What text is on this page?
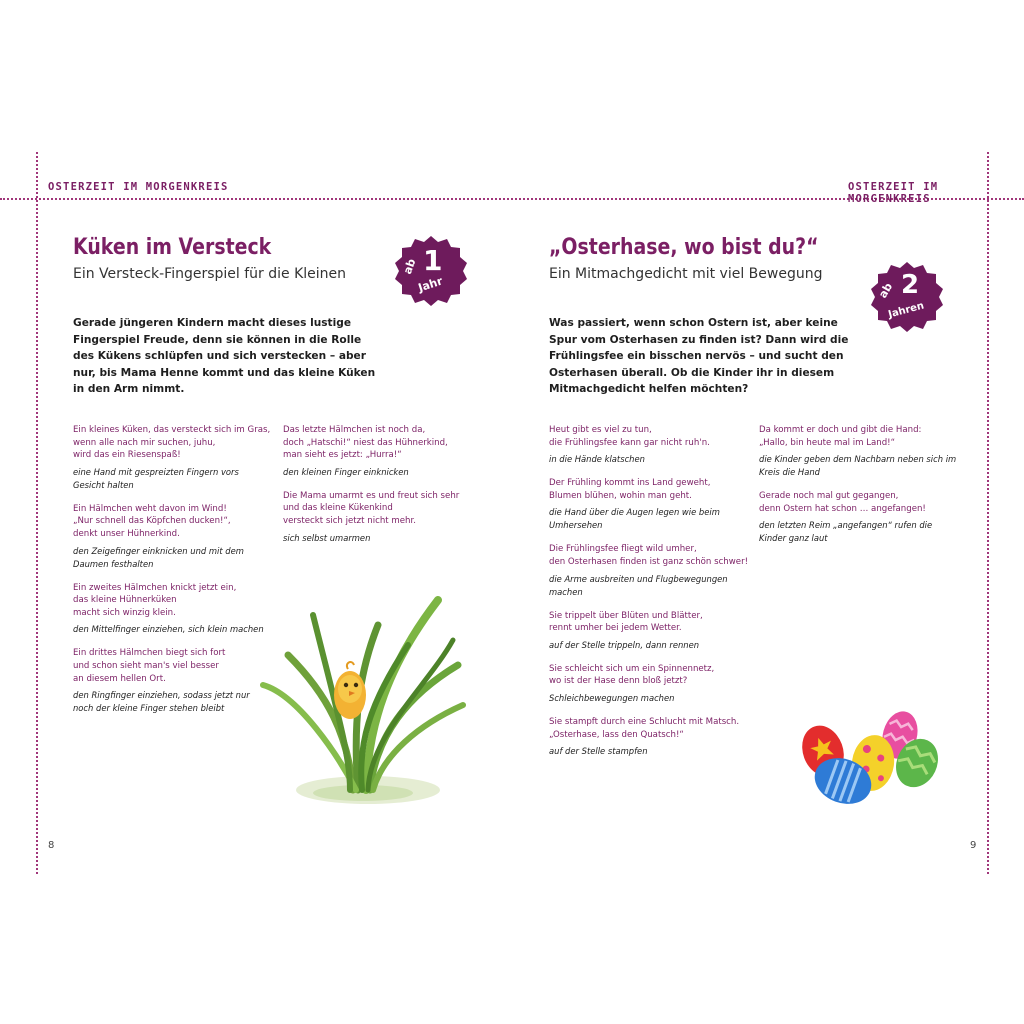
OSTERZEIT IM MORGENKREIS
Küken im Versteck
Ein Versteck-Fingerspiel für die Kleinen	ab 1
Jahr
Gerade jüngeren Kindern macht dieses lustige Fingerspiel Freude, denn sie können in die Rolle des Kükens schlüpfen und sich verstecken – aber nur, bis Mama Henne kommt und das kleine Küken in den Arm nimmt.
Ein kleines Küken, das versteckt sich im Gras,
wenn alle nach mir suchen, juhu,
wird das ein Riesenspaß!
eine Hand mit gespreizten Fingern vors Gesicht halten
Ein Hälmchen weht davon im Wind!
„Nur schnell das Köpfchen ducken!“,
denkt unser Hühnerkind.
den Zeigefinger einknicken und mit dem Daumen festhalten
Ein zweites Hälmchen knickt jetzt ein,
das kleine Hühnerküken
macht sich winzig klein.
den Mittelfinger einziehen, sich klein machen
Ein drittes Hälmchen biegt sich fort
und schon sieht man's viel besser
an diesem hellen Ort.
den Ringfinger einziehen, sodass jetzt nur noch der kleine Finger stehen bleibt
Das letzte Hälmchen ist noch da,
doch „Hatschi!“ niest das Hühnerkind,
man sieht es jetzt: „Hurra!“
den kleinen Finger einknicken
Die Mama umarmt es und freut sich sehr
und das kleine Kükenkind
versteckt sich jetzt nicht mehr.
sich selbst umarmen
8
OSTERZEIT IM MORGENKREIS
„Osterhase, wo bist du?“
Ein Mitmachgedicht mit viel Bewegung
ab 2
Jahren
Was passiert, wenn schon Ostern ist, aber keine Spur vom Osterhasen zu finden ist? Dann wird die Frühlingsfee ein bisschen nervös – und sucht den Osterhasen überall. Ob die Kinder ihr in diesem Mitmachgedicht helfen möchten?
Heut gibt es viel zu tun,
die Frühlingsfee kann gar nicht ruh'n.
in die Hände klatschen
Der Frühling kommt ins Land geweht,
Blumen blühen, wohin man geht.
die Hand über die Augen legen wie beim Umhersehen
Die Frühlingsfee fliegt wild umher,
den Osterhasen finden ist ganz schön schwer!
die Arme ausbreiten und Flugbewegungen machen
Sie trippelt über Blüten und Blätter,
rennt umher bei jedem Wetter.
auf der Stelle trippeln, dann rennen
Sie schleicht sich um ein Spinnennetz,
wo ist der Hase denn bloß jetzt?
Schleichbewegungen machen
Sie stampft durch eine Schlucht mit Matsch.
„Osterhase, lass den Quatsch!“
auf der Stelle stampfen
Da kommt er doch und gibt die Hand:
„Hallo, bin heute mal im Land!“
die Kinder geben dem Nachbarn neben sich im Kreis die Hand
Gerade noch mal gut gegangen,
denn Ostern hat schon … angefangen!
den letzten Reim „angefangen“ rufen die Kinder ganz laut
9
